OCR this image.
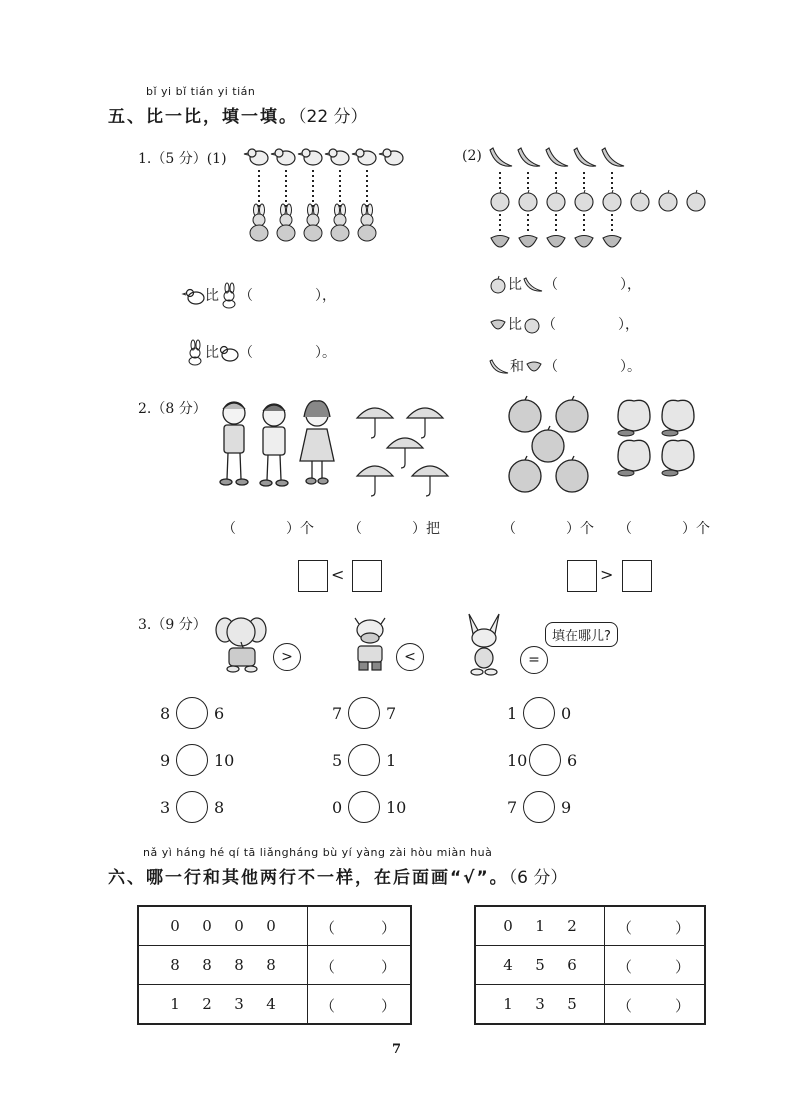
bǐ yi bǐ tián yi tián
五、比一比，填一填。（22 分）
1.（5 分）(1)	(2)
比 （	），
比 （	）。
比 （	），
比 （	），
和 （	）。
2.（8 分）
（	）个 （	）把	（	）个 （	）个
<	>
3.（9 分）
>	<	=
填在哪儿?
8	6	7	7	1	0
9	10	5	1	10 6
3	8	0	10	7	9
nǎ yì háng hé qí tā liǎngháng bù yí yàng zài hòu miàn huà
六、哪一行和其他两行不一样，在后面画“√”。（6 分）
0 0 0 0	（ ）

8 8 8 8	（ ）

1 2 3 4	（ ）
0 1 2	（ ）

4 5 6	（ ）

1 3 5	（ ）
7
